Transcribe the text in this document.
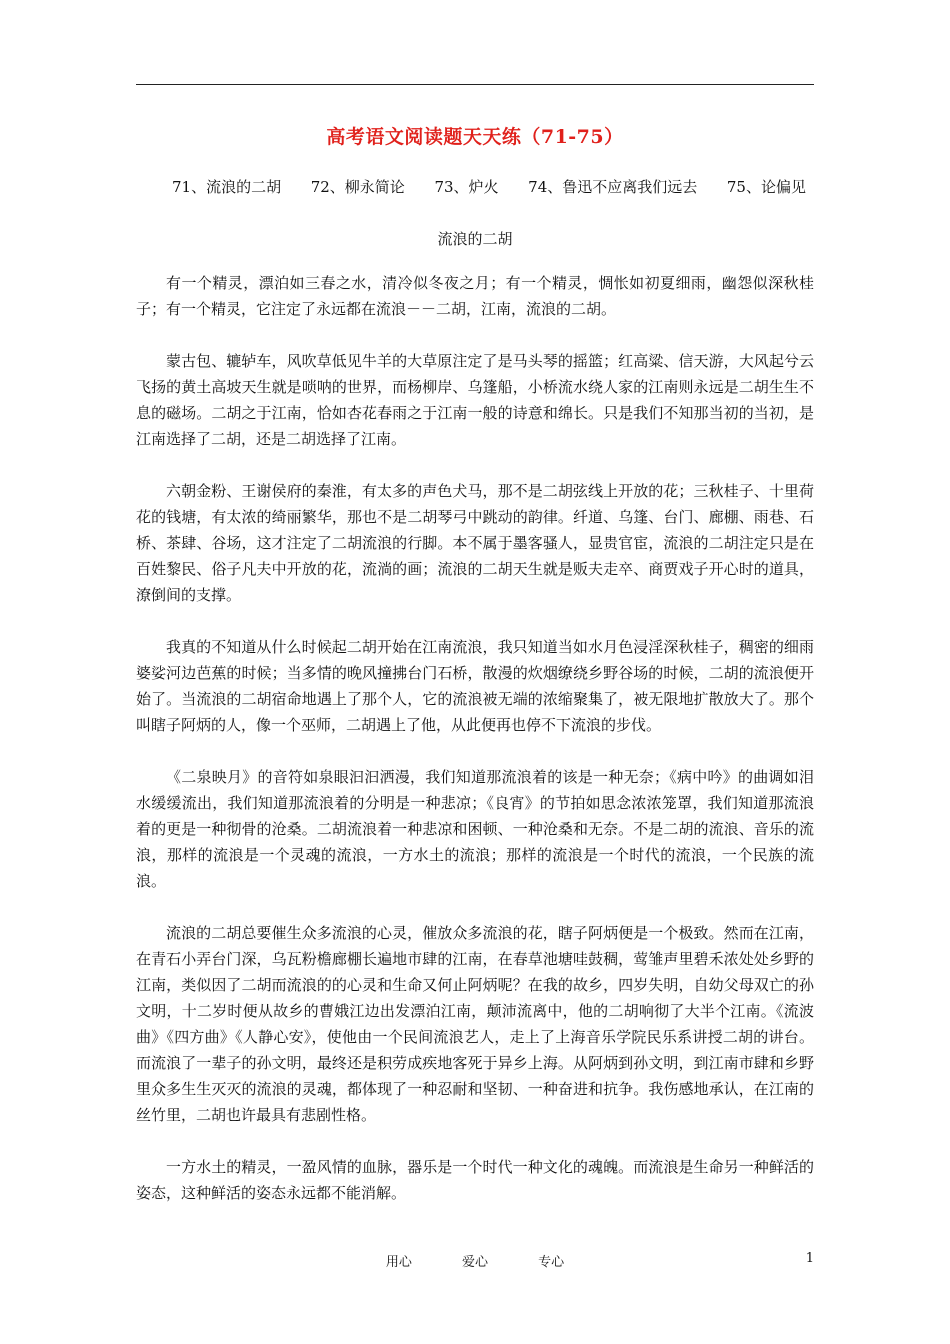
高考语文阅读题天天练（71-75）
71、流浪的二胡 72、柳永简论 73、炉火 74、鲁迅不应离我们远去 75、论偏见
流浪的二胡

有一个精灵，漂泊如三春之水，清冷似冬夜之月；有一个精灵，惆怅如初夏细雨，幽怨似深秋桂子；有一个精灵，它注定了永远都在流浪－－二胡，江南，流浪的二胡。

蒙古包、辘轳车，风吹草低见牛羊的大草原注定了是马头琴的摇篮；红高粱、信天游，大风起兮云飞扬的黄土高坡天生就是唢呐的世界，而杨柳岸、乌篷船，小桥流水绕人家的江南则永远是二胡生生不息的磁场。二胡之于江南，恰如杏花春雨之于江南一般的诗意和绵长。只是我们不知那当初的当初，是江南选择了二胡，还是二胡选择了江南。

六朝金粉、王谢侯府的秦淮，有太多的声色犬马，那不是二胡弦线上开放的花；三秋桂子、十里荷花的钱塘，有太浓的绮丽繁华，那也不是二胡琴弓中跳动的韵律。纤道、乌篷、台门、廊棚、雨巷、石桥、茶肆、谷场，这才注定了二胡流浪的行脚。本不属于墨客骚人，显贵官宦，流浪的二胡注定只是在百姓黎民、俗子凡夫中开放的花，流淌的画；流浪的二胡天生就是贩夫走卒、商贾戏子开心时的道具，潦倒间的支撑。

我真的不知道从什么时候起二胡开始在江南流浪，我只知道当如水月色浸淫深秋桂子，稠密的细雨婆娑河边芭蕉的时候；当多情的晚风撞拂台门石桥，散漫的炊烟缭绕乡野谷场的时候，二胡的流浪便开始了。当流浪的二胡宿命地遇上了那个人，它的流浪被无端的浓缩聚集了，被无限地扩散放大了。那个叫瞎子阿炳的人，像一个巫师，二胡遇上了他，从此便再也停不下流浪的步伐。

《二泉映月》的音符如泉眼汩汩洒漫，我们知道那流浪着的该是一种无奈；《病中吟》的曲调如泪水缓缓流出，我们知道那流浪着的分明是一种悲凉；《良宵》的节拍如思念浓浓笼罩，我们知道那流浪着的更是一种彻骨的沧桑。二胡流浪着一种悲凉和困顿、一种沧桑和无奈。不是二胡的流浪、音乐的流浪，那样的流浪是一个灵魂的流浪，一方水土的流浪；那样的流浪是一个时代的流浪，一个民族的流浪。

流浪的二胡总要催生众多流浪的心灵，催放众多流浪的花，瞎子阿炳便是一个极致。然而在江南，在青石小弄台门深，乌瓦粉檐廊棚长遍地市肆的江南，在春草池塘哇鼓稠，莺雏声里碧禾浓处处乡野的江南，类似因了二胡而流浪的的心灵和生命又何止阿炳呢？在我的故乡，四岁失明，自幼父母双亡的孙文明，十二岁时便从故乡的曹娥江边出发漂泊江南，颠沛流离中，他的二胡响彻了大半个江南。《流波曲》《四方曲》《人静心安》，使他由一个民间流浪艺人，走上了上海音乐学院民乐系讲授二胡的讲台。而流浪了一辈子的孙文明，最终还是积劳成疾地客死于异乡上海。从阿炳到孙文明，到江南市肆和乡野里众多生生灭灭的流浪的灵魂，都体现了一种忍耐和坚韧、一种奋进和抗争。我伤感地承认，在江南的丝竹里，二胡也许最具有悲剧性格。

一方水土的精灵，一盈风情的血脉，器乐是一个时代一种文化的魂魄。而流浪是生命另一种鲜活的姿态，这种鲜活的姿态永远都不能消解。

用心	爱心	专心	1
